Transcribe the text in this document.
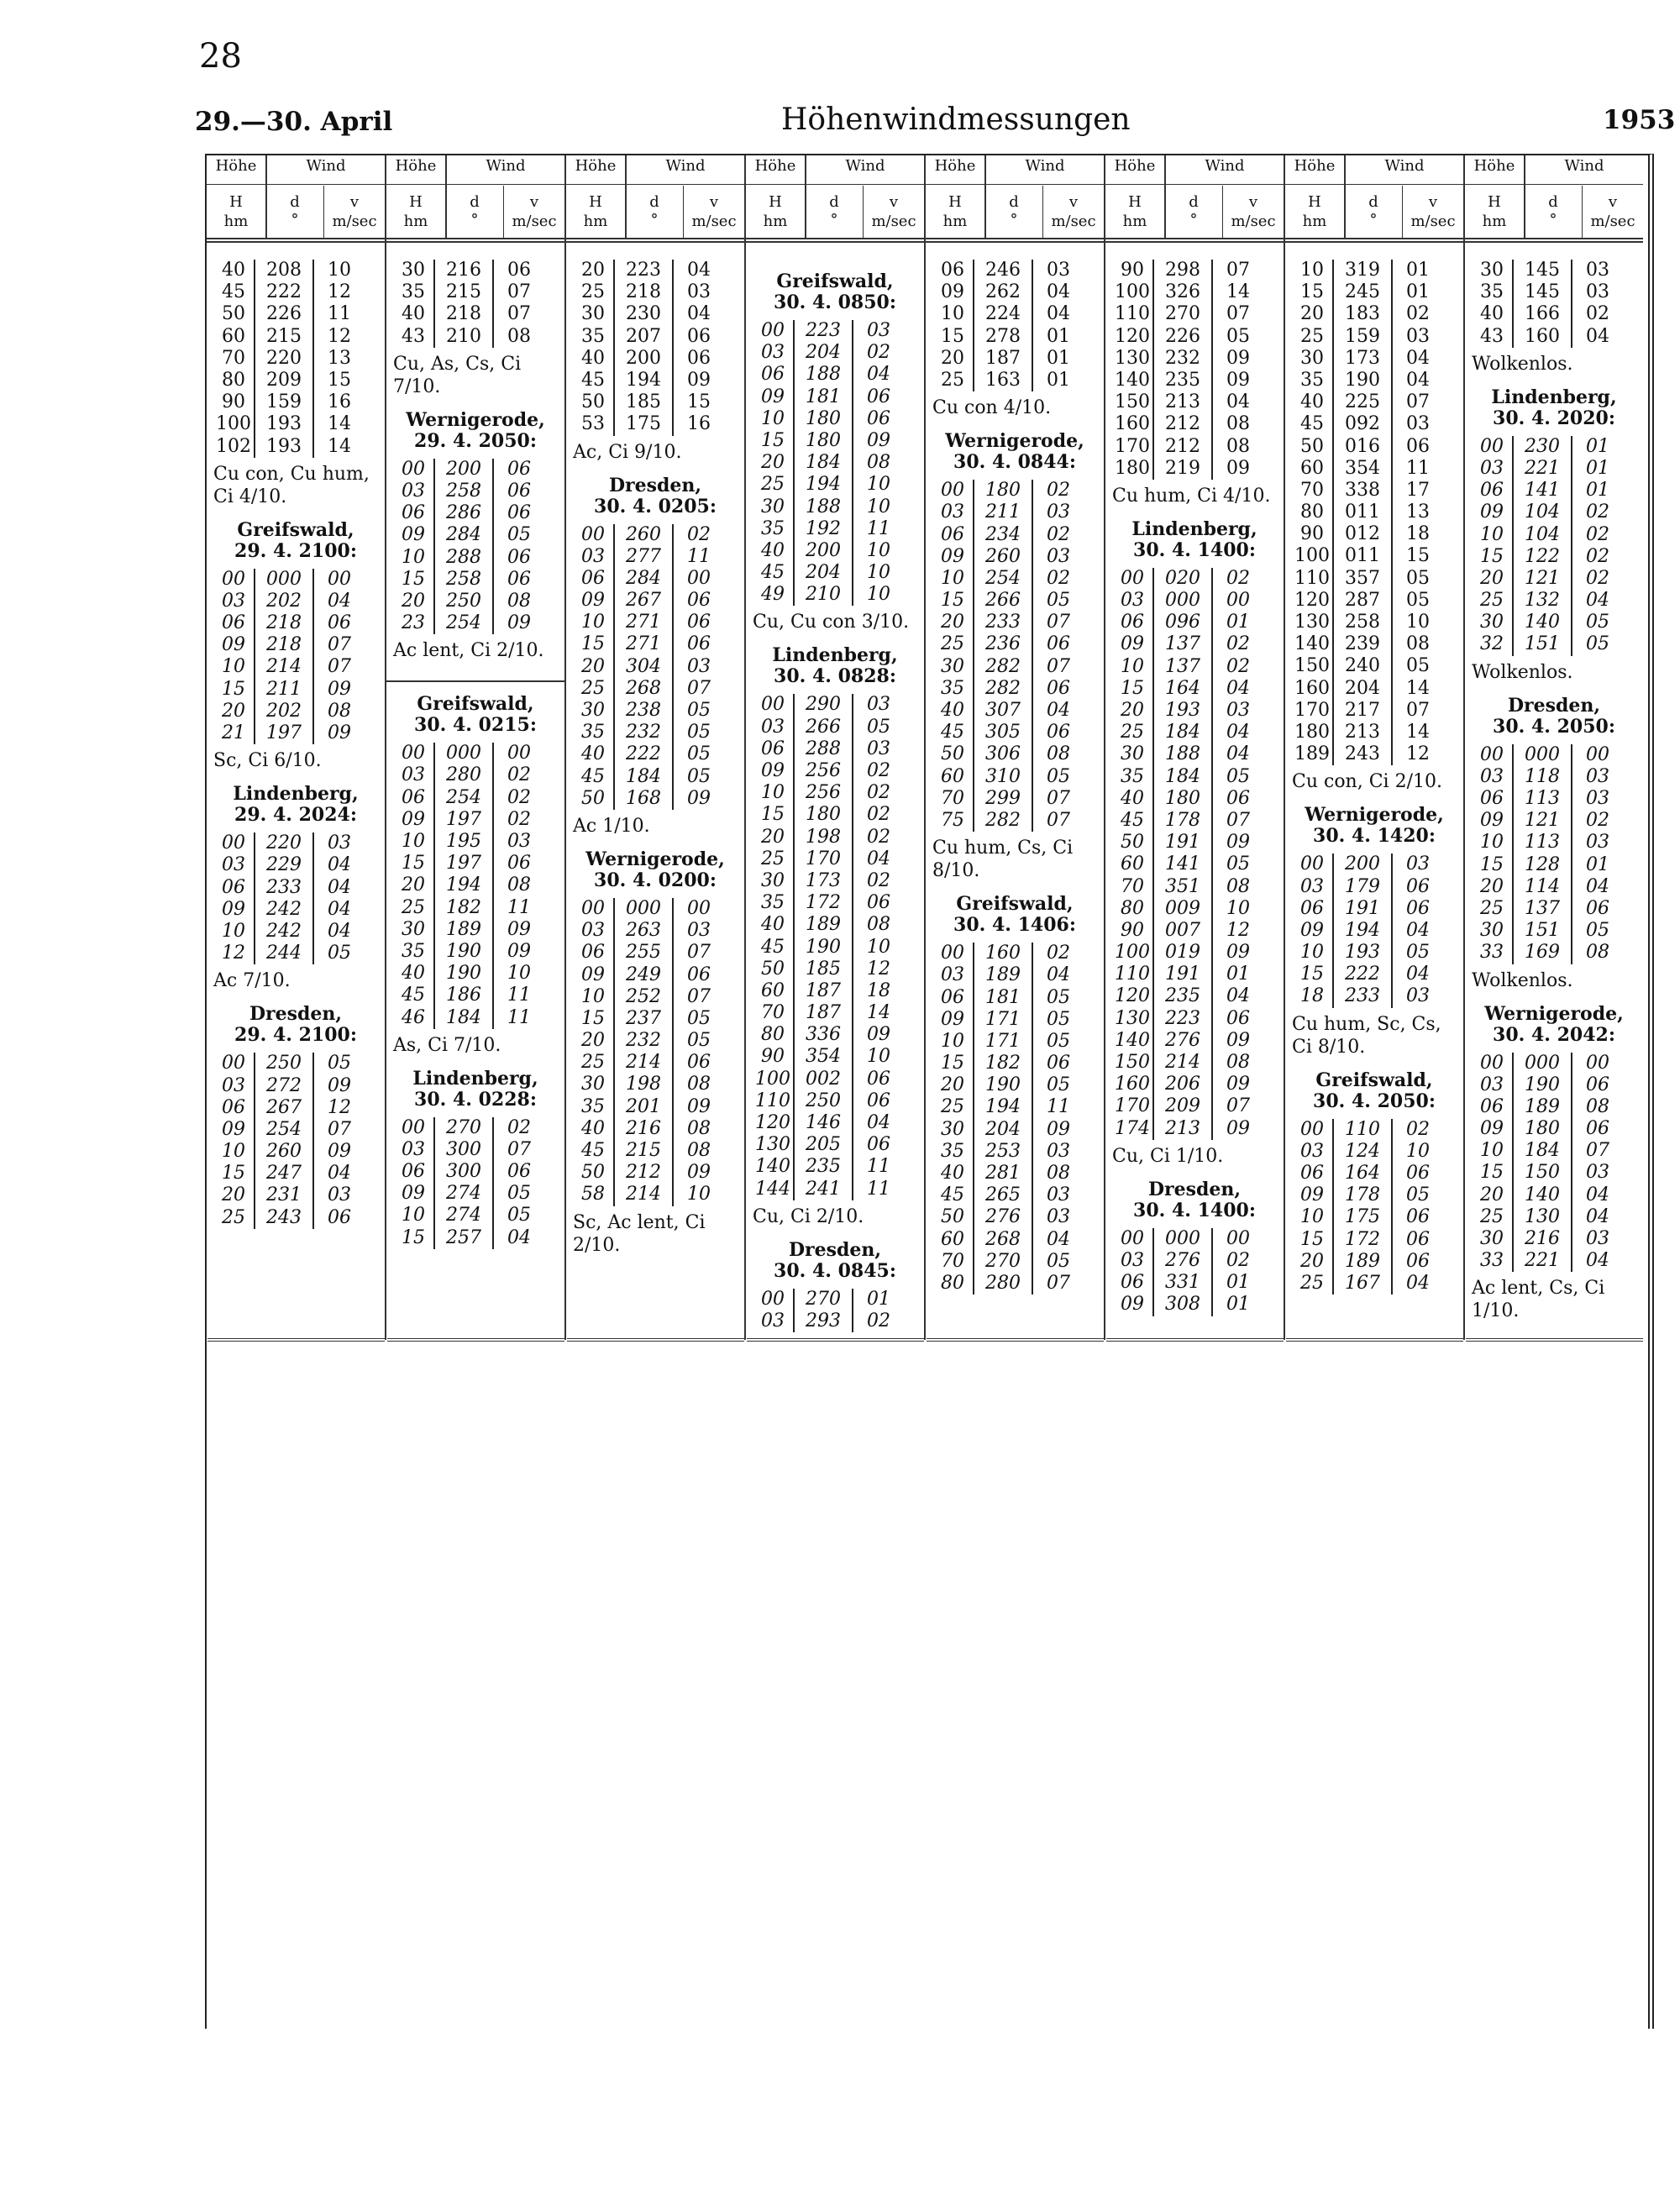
28
29.—30. April	Höhenwindmessungen	1953
Höhe	Wind
H
hm
d
°
v
m/sec
40	208	10
45	222	12
50	226	11
60	215	12
70	220	13
80	209	15
90	159	16
100 193	14
102 193	14
Cu con, Cu hum, Ci 4/10.
Greifswald,
29. 4. 2100:
00	000	00
03	202	04
06	218	06
09	218	07
10	214	07
15	211	09
20	202	08
21	197	09
Sc, Ci 6/10.
Lindenberg,
29. 4. 2024:
00	220	03
03	229	04
06	233	04
09	242	04
10	242	04
12	244	05
Ac 7/10.
Dresden,
29. 4. 2100:
00	250	05
03	272	09
06	267	12
09	254	07
10	260	09
15	247	04
20	231	03
25	243	06
Höhe	Wind
H
hm
d
°
v
m/sec
30	216	06
35	215	07
40	218	07
43	210	08
Cu, As, Cs, Ci 7/10.
Wernigerode,
29. 4. 2050:
00	200	06
03	258	06
06	286	06
09	284	05
10	288	06
15	258	06
20	250	08
23	254	09
Ac lent, Ci 2/10.
Greifswald,
30. 4. 0215:
00	000	00
03	280	02
06	254	02
09	197	02
10	195	03
15	197	06
20	194	08
25	182	11
30	189	09
35	190	09
40	190	10
45	186	11
46	184	11
As, Ci 7/10.
Lindenberg,
30. 4. 0228:
00	270	02
03	300	07
06	300	06
09	274	05
10	274	05
15	257	04
Höhe	Wind
H
hm
d
°
v
m/sec
20	223	04
25	218	03
30	230	04
35	207	06
40	200	06
45	194	09
50	185	15
53	175	16
Ac, Ci 9/10.
Dresden,
30. 4. 0205:
00	260	02
03	277	11
06	284	00
09	267	06
10	271	06
15	271	06
20	304	03
25	268	07
30	238	05
35	232	05
40	222	05
45	184	05
50	168	09
Ac 1/10.
Wernigerode,
30. 4. 0200:
00	000	00
03	263	03
06	255	07
09	249	06
10	252	07
15	237	05
20	232	05
25	214	06
30	198	08
35	201	09
40	216	08
45	215	08
50	212	09
58	214	10
Sc, Ac lent, Ci 2/10.
Höhe	Wind
H
hm
d
°
v
m/sec
Greifswald,
30. 4. 0850:
00	223	03
03	204	02
06	188	04
09	181	06
10	180	06
15	180	09
20	184	08
25	194	10
30	188	10
35	192	11
40	200	10
45	204	10
49	210	10
Cu, Cu con 3/10.
Lindenberg,
30. 4. 0828:
00	290	03
03	266	05
06	288	03
09	256	02
10	256	02
15	180	02
20	198	02
25	170	04
30	173	02
35	172	06
40	189	08
45	190	10
50	185	12
60	187	18
70	187	14
80	336	09
90	354	10
100 002	06
110 250	06
120 146	04
130 205	06
140 235	11
144 241	11
Cu, Ci 2/10.
Dresden,
30. 4. 0845:
00	270	01
03	293	02
Höhe	Wind
H
hm
d
°
v
m/sec
06	246	03
09	262	04
10	224	04
15	278	01
20	187	01
25	163	01
Cu con 4/10.
Wernigerode,
30. 4. 0844:
00	180	02
03	211	03
06	234	02
09	260	03
10	254	02
15	266	05
20	233	07
25	236	06
30	282	07
35	282	06
40	307	04
45	305	06
50	306	08
60	310	05
70	299	07
75	282	07
Cu hum, Cs, Ci 8/10.
Greifswald,
30. 4. 1406:
00	160	02
03	189	04
06	181	05
09	171	05
10	171	05
15	182	06
20	190	05
25	194	11
30	204	09
35	253	03
40	281	08
45	265	03
50	276	03
60	268	04
70	270	05
80	280	07
Höhe	Wind
H
hm
d
°
v
m/sec
90	298	07
100 326	14
110 270	07
120 226	05
130 232	09
140 235	09
150 213	04
160 212	08
170 212	08
180 219	09
Cu hum, Ci 4/10.
Lindenberg,
30. 4. 1400:
00	020	02
03	000	00
06	096	01
09	137	02
10	137	02
15	164	04
20	193	03
25	184	04
30	188	04
35	184	05
40	180	06
45	178	07
50	191	09
60	141	05
70	351	08
80	009	10
90	007	12
100 019	09
110 191	01
120 235	04
130 223	06
140 276	09
150 214	08
160 206	09
170 209	07
174 213	09
Cu, Ci 1/10.
Dresden,
30. 4. 1400:
00	000	00
03	276	02
06	331	01
09	308	01
Höhe	Wind
H
hm
d
°
v
m/sec
10	319	01
15	245	01
20	183	02
25	159	03
30	173	04
35	190	04
40	225	07
45	092	03
50	016	06
60	354	11
70	338	17
80	011	13
90	012	18
100 011	15
110 357	05
120 287	05
130 258	10
140 239	08
150 240	05
160 204	14
170 217	07
180 213	14
189 243	12
Cu con, Ci 2/10.
Wernigerode,
30. 4. 1420:
00	200	03
03	179	06
06	191	06
09	194	04
10	193	05
15	222	04
18	233	03
Cu hum, Sc, Cs, Ci 8/10.
Greifswald,
30. 4. 2050:
00	110	02
03	124	10
06	164	06
09	178	05
10	175	06
15	172	06
20	189	06
25	167	04
Höhe	Wind
H
hm
d
°
v
m/sec
30	145	03
35	145	03
40	166	02
43	160	04
Wolkenlos.
Lindenberg,
30. 4. 2020:
00	230	01
03	221	01
06	141	01
09	104	02
10	104	02
15	122	02
20	121	02
25	132	04
30	140	05
32	151	05
Wolkenlos.
Dresden,
30. 4. 2050:
00	000	00
03	118	03
06	113	03
09	121	02
10	113	03
15	128	01
20	114	04
25	137	06
30	151	05
33	169	08
Wolkenlos.
Wernigerode,
30. 4. 2042:
00	000	00
03	190	06
06	189	08
09	180	06
10	184	07
15	150	03
20	140	04
25	130	04
30	216	03
33	221	04
Ac lent, Cs, Ci 1/10.
